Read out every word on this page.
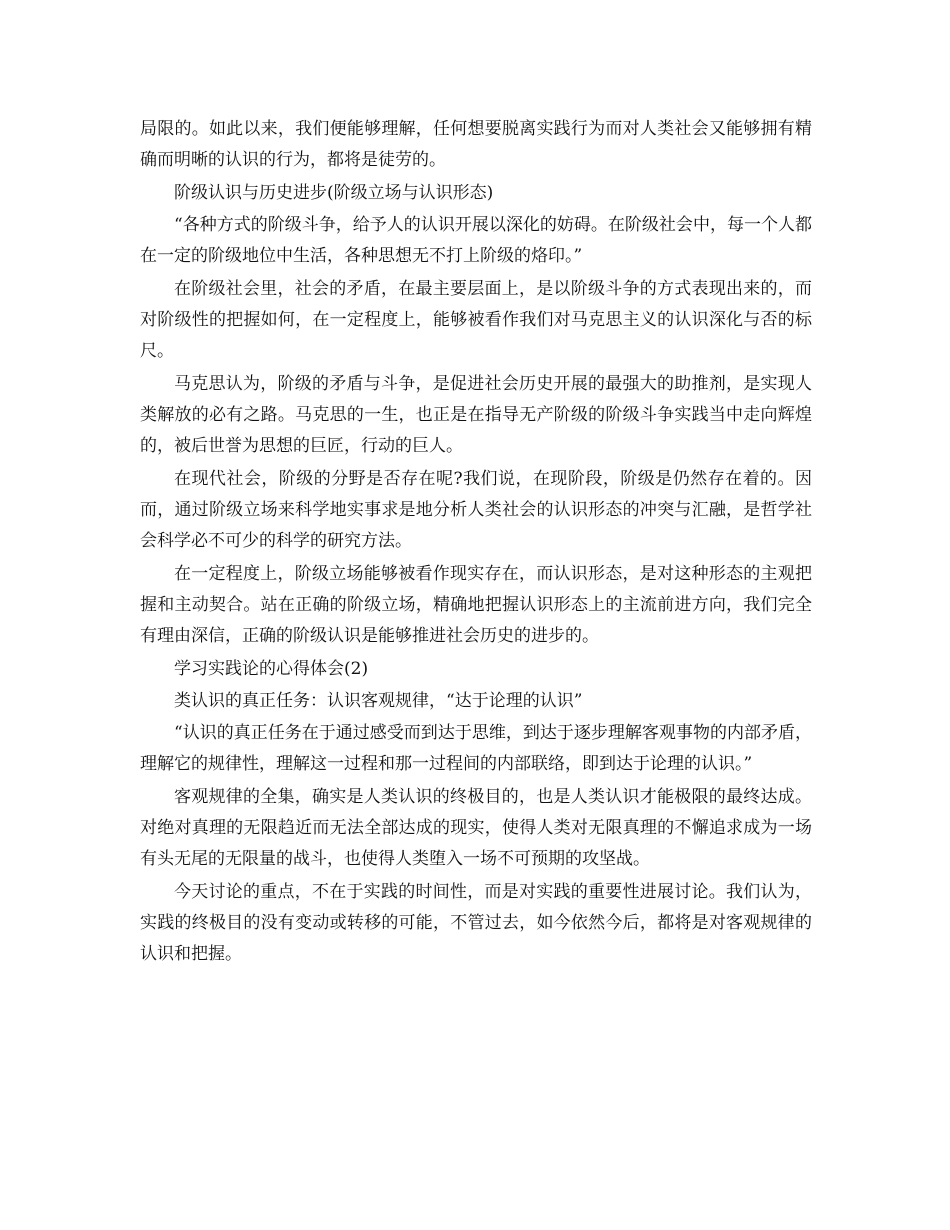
局限的。如此以来，我们便能够理解，任何想要脱离实践行为而对人类社会又能够拥有精确而明晰的认识的行为，都将是徒劳的。

阶级认识与历史进步(阶级立场与认识形态)

“各种方式的阶级斗争，给予人的认识开展以深化的妨碍。在阶级社会中，每一个人都在一定的阶级地位中生活，各种思想无不打上阶级的烙印。”

在阶级社会里，社会的矛盾，在最主要层面上，是以阶级斗争的方式表现出来的，而对阶级性的把握如何，在一定程度上，能够被看作我们对马克思主义的认识深化与否的标尺。

马克思认为，阶级的矛盾与斗争，是促进社会历史开展的最强大的助推剂，是实现人类解放的必有之路。马克思的一生，也正是在指导无产阶级的阶级斗争实践当中走向辉煌的，被后世誉为思想的巨匠，行动的巨人。

在现代社会，阶级的分野是否存在呢?我们说，在现阶段，阶级是仍然存在着的。因而，通过阶级立场来科学地实事求是地分析人类社会的认识形态的冲突与汇融，是哲学社会科学必不可少的科学的研究方法。

在一定程度上，阶级立场能够被看作现实存在，而认识形态，是对这种形态的主观把握和主动契合。站在正确的阶级立场，精确地把握认识形态上的主流前进方向，我们完全有理由深信，正确的阶级认识是能够推进社会历史的进步的。

学习实践论的心得体会(2)

类认识的真正任务：认识客观规律，“达于论理的认识”

“认识的真正任务在于通过感受而到达于思维，到达于逐步理解客观事物的内部矛盾，理解它的规律性，理解这一过程和那一过程间的内部联络，即到达于论理的认识。”

客观规律的全集，确实是人类认识的终极目的，也是人类认识才能极限的最终达成。对绝对真理的无限趋近而无法全部达成的现实，使得人类对无限真理的不懈追求成为一场有头无尾的无限量的战斗，也使得人类堕入一场不可预期的攻坚战。

今天讨论的重点，不在于实践的时间性，而是对实践的重要性进展讨论。我们认为，实践的终极目的没有变动或转移的可能，不管过去，如今依然今后，都将是对客观规律的认识和把握。
